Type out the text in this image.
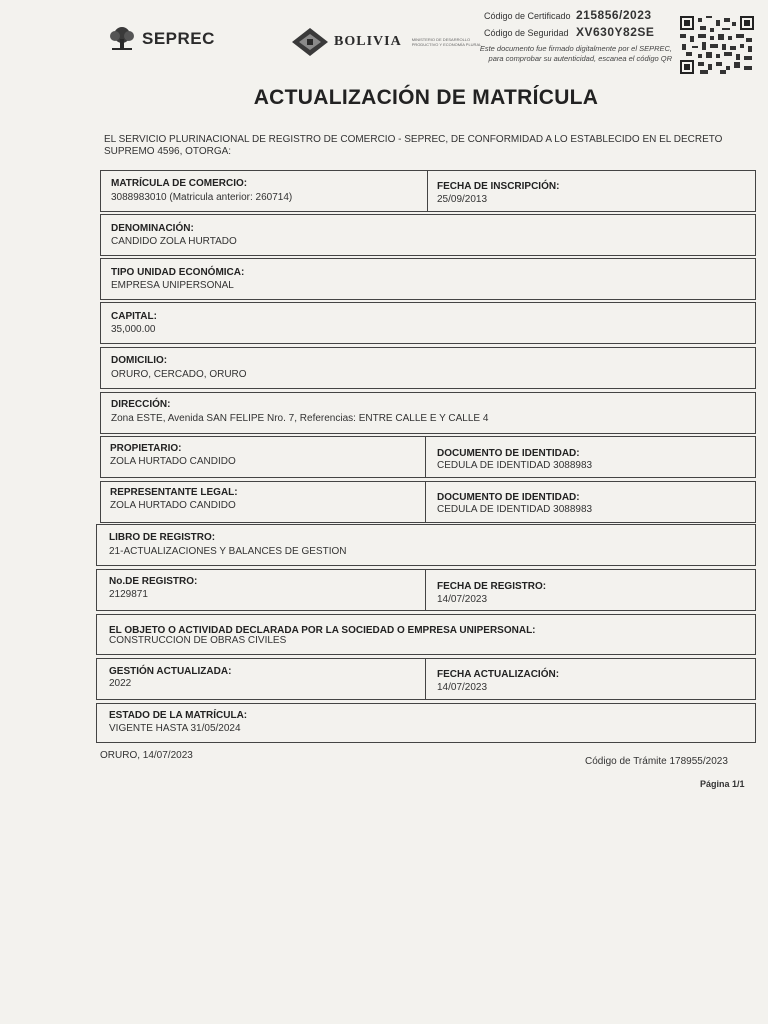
SEPREC	BOLIVIA	MINISTERIO DE DESARROLLO PRODUCTIVO Y ECONOMÍA PLURAL
Código de Certificado 215856/2023
Código de Seguridad XV630Y82SE
Este documento fue firmado digitalmente por el SEPREC, para comprobar su autenticidad, escanea el código QR
ACTUALIZACIÓN DE MATRÍCULA
EL SERVICIO PLURINACIONAL DE REGISTRO DE COMERCIO - SEPREC, DE CONFORMIDAD A LO ESTABLECIDO EN EL DECRETO SUPREMO 4596, OTORGA:
MATRÍCULA DE COMERCIO:
3088983010 (Matricula anterior: 260714)
FECHA DE INSCRIPCIÓN:
25/09/2013
DENOMINACIÓN:
CANDIDO ZOLA HURTADO
TIPO UNIDAD ECONÓMICA:
EMPRESA UNIPERSONAL
CAPITAL:
35,000.00
DOMICILIO:
ORURO, CERCADO, ORURO
DIRECCIÓN:
Zona ESTE, Avenida SAN FELIPE Nro. 7, Referencias: ENTRE CALLE E Y CALLE 4
PROPIETARIO:
ZOLA HURTADO CANDIDO
DOCUMENTO DE IDENTIDAD:
CEDULA DE IDENTIDAD 3088983
REPRESENTANTE LEGAL:
ZOLA HURTADO CANDIDO
DOCUMENTO DE IDENTIDAD:
CEDULA DE IDENTIDAD 3088983
LIBRO DE REGISTRO:
21-ACTUALIZACIONES Y BALANCES DE GESTION
No.DE REGISTRO:
2129871
FECHA DE REGISTRO:
14/07/2023
EL OBJETO O ACTIVIDAD DECLARADA POR LA SOCIEDAD O EMPRESA UNIPERSONAL:
CONSTRUCCION DE OBRAS CIVILES
GESTIÓN ACTUALIZADA:
2022
FECHA ACTUALIZACIÓN:
14/07/2023
ESTADO DE LA MATRÍCULA:
VIGENTE HASTA 31/05/2024
ORURO, 14/07/2023
Código de Trámite 178955/2023
Página 1/1
